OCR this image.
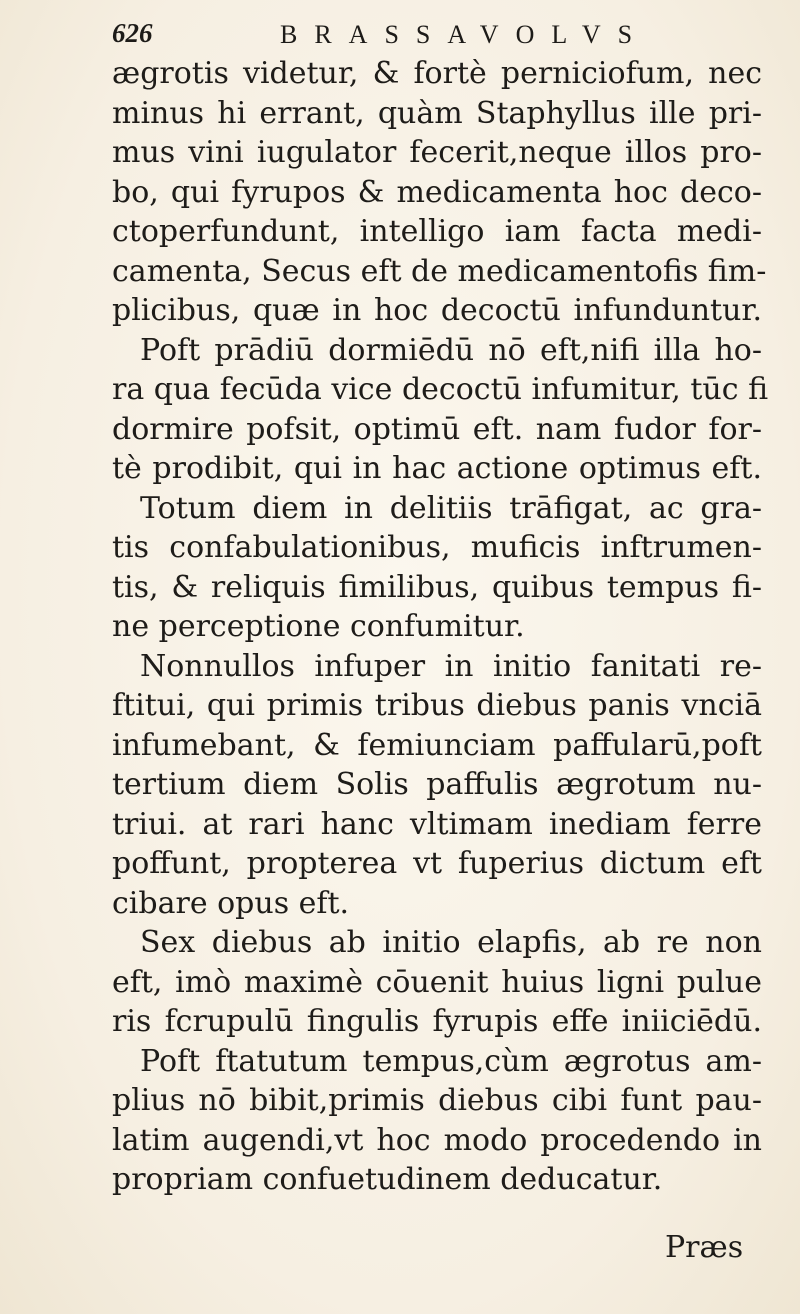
626	BRASSAVOLVS
ægrotis videtur, & fortè perniciofum, nec
minus hi errant, quàm Staphyllus ille pri-
mus vini iugulator fecerit,neque illos pro-
bo, qui fyrupos & medicamenta hoc deco-
ctoperfundunt, intelligo iam facta medi-
camenta, Secus eft de medicamentofis fim-
plicibus, quæ in hoc decoctū infunduntur.
Poft prādiū dormiēdū nō eft,nifi illa ho-
ra qua fecūda vice decoctū infumitur, tūc fi
dormire pofsit, optimū eft. nam fudor for-
tè prodibit, qui in hac actione optimus eft.
Totum diem in delitiis trāfigat, ac gra-
tis confabulationibus, muficis inftrumen-
tis, & reliquis fimilibus, quibus tempus fi-
ne perceptione confumitur.
Nonnullos infuper in initio fanitati re-
ftitui, qui primis tribus diebus panis vnciā
infumebant, & femiunciam paffularū,poft
tertium diem Solis paffulis ægrotum nu-
triui. at rari hanc vltimam inediam ferre
poffunt, propterea vt fuperius dictum eft
cibare opus eft.
Sex diebus ab initio elapfis, ab re non
eft, imò maximè cōuenit huius ligni pulue
ris fcrupulū fingulis fyrupis effe iniiciēdū.
Poft ftatutum tempus,cùm ægrotus am-
plius nō bibit,primis diebus cibi funt pau-
latim augendi,vt hoc modo procedendo in
propriam confuetudinem deducatur.
Præs
